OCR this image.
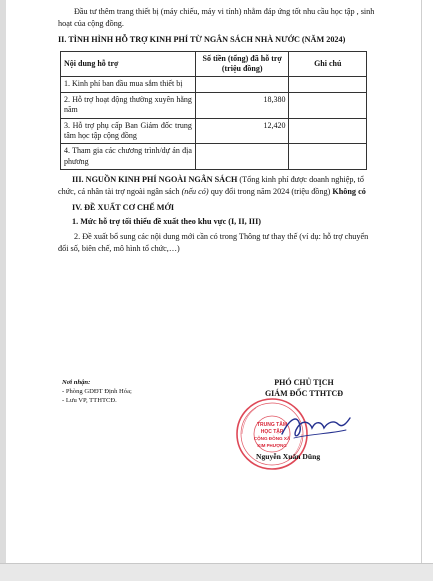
Đầu tư thêm trang thiết bị (máy chiếu, máy vi tính) nhằm đáp ứng tốt nhu cầu học tập , sinh hoạt của cộng đồng.

II. TÌNH HÌNH HỖ TRỢ KINH PHÍ TỪ NGÂN SÁCH NHÀ NƯỚC (NĂM 2024)

Nội dung hỗ trợ	Số tiền (tổng) đã hỗ trợ (triệu đồng)	Ghi chú
1. Kinh phí ban đầu mua sắm thiết bị		
2. Hỗ trợ hoạt động thường xuyên hằng năm	18,380	
3. Hỗ trợ phụ cấp Ban Giám đốc trung tâm học tập cộng đồng	12,420	
4. Tham gia các chương trình/dự án địa phương		

III. NGUỒN KINH PHÍ NGOÀI NGÂN SÁCH (Tổng kinh phí được doanh nghiệp, tổ chức, cá nhân tài trợ ngoài ngân sách (nếu có) quy đổi trong năm 2024 (triệu đồng) Không có

IV. ĐỀ XUẤT CƠ CHẾ MỚI

1. Mức hỗ trợ tối thiểu đề xuất theo khu vực (I, II, III)

2. Đề xuất bổ sung các nội dung mới cần có trong Thông tư thay thế (ví dụ: hỗ trợ chuyển đổi số, biên chế, mô hình tổ chức,…)

Nơi nhận:
- Phòng GDĐT Định Hóa;
- Lưu VP, TTHTCĐ.
PHÓ CHỦ TỊCH
GIÁM ĐỐC TTHTCĐ
TRUNG TÂM
HỌC TẬP
CỘNG ĐỒNG XÃ
KIM PHƯỢNG
Nguyễn Xuân Dũng
